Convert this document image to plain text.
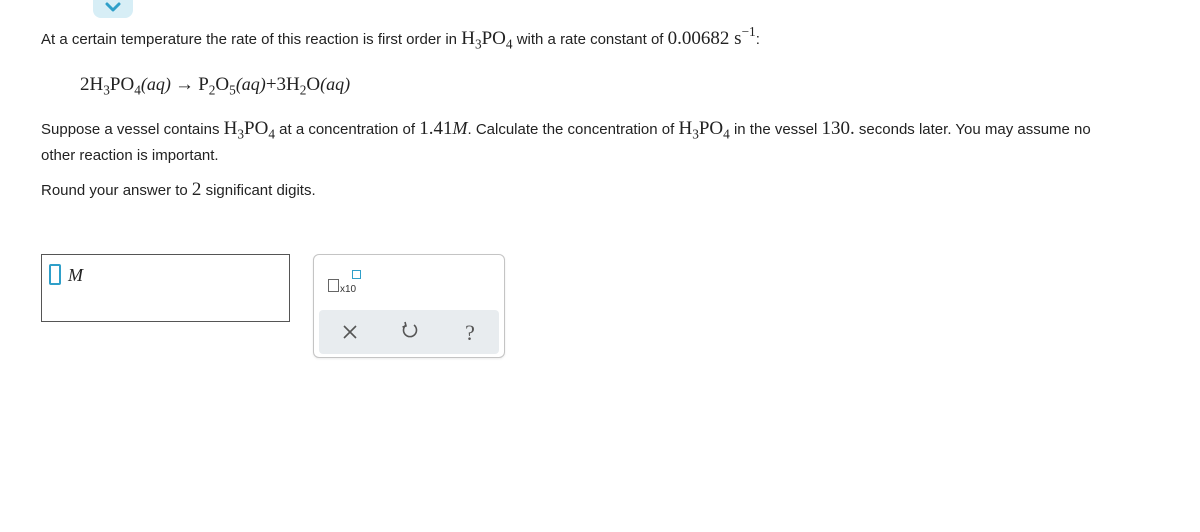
At a certain temperature the rate of this reaction is first order in $H_3PO_4$ with a rate constant of 0.00682 $s^{-1}$:
$2H_3PO_4(aq) \to P_2O_5(aq)+3H_2O(aq)$
Suppose a vessel contains $H_3PO_4$ at a concentration of 1.41M. Calculate the concentration of $H_3PO_4$ in the vessel 130. seconds later. You may assume no
other reaction is important.
Round your answer to 2 significant digits.
M
x10
?
